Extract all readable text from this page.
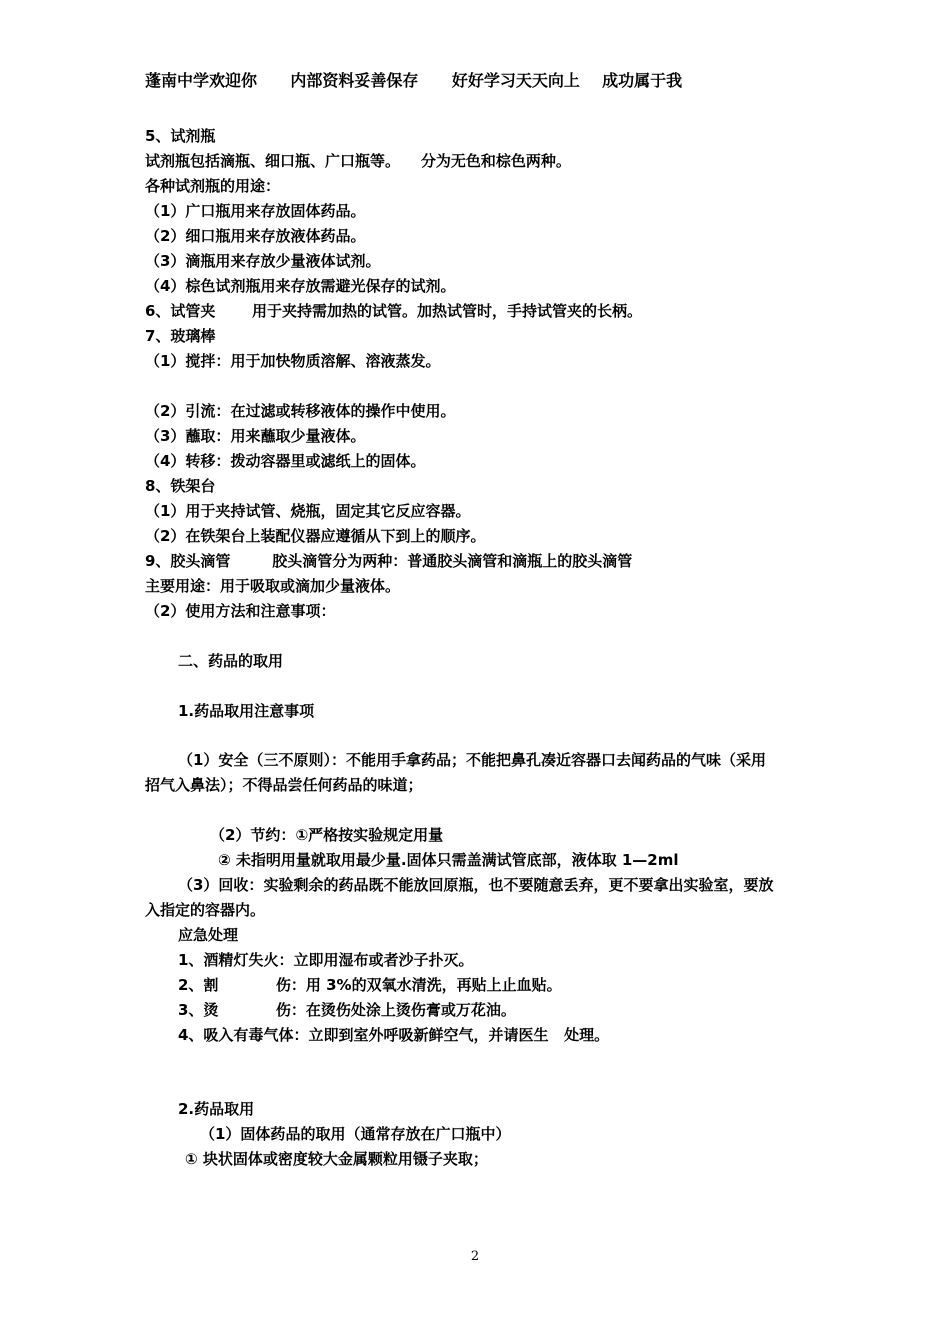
蓬南中学欢迎你      内部资料妥善保存      好好学习天天向上    成功属于我
5、试剂瓶
试剂瓶包括滴瓶、细口瓶、广口瓶等。    分为无色和棕色两种。
各种试剂瓶的用途：
（1）广口瓶用来存放固体药品。
（2）细口瓶用来存放液体药品。
（3）滴瓶用来存放少量液体试剂。
（4）棕色试剂瓶用来存放需避光保存的试剂。
6、试管夹       用于夹持需加热的试管。加热试管时，手持试管夹的长柄。
7、玻璃棒
（1）搅拌：用于加快物质溶解、溶液蒸发。
（2）引流：在过滤或转移液体的操作中使用。
（3）蘸取：用来蘸取少量液体。
（4）转移：拨动容器里或滤纸上的固体。
8、铁架台
（1）用于夹持试管、烧瓶，固定其它反应容器。
（2）在铁架台上装配仪器应遵循从下到上的顺序。
9、胶头滴管        胶头滴管分为两种：普通胶头滴管和滴瓶上的胶头滴管
主要用途：用于吸取或滴加少量液体。
（2）使用方法和注意事项：
二、药品的取用
1.药品取用注意事项
（1）安全（三不原则）：不能用手拿药品；不能把鼻孔凑近容器口去闻药品的气味（采用
招气入鼻法）；不得品尝任何药品的味道；
（2）节约：①严格按实验规定用量
② 未指明用量就取用最少量.固体只需盖满试管底部，液体取 1—2ml
（3）回收：实验剩余的药品既不能放回原瓶，也不要随意丢弃，更不要拿出实验室，要放
入指定的容器内。
应急处理
1、酒精灯失火：立即用湿布或者沙子扑灭。
2、割           伤：用 3%的双氧水清洗，再贴上止血贴。
3、烫           伤：在烫伤处涂上烫伤膏或万花油。
4、吸入有毒气体：立即到室外呼吸新鲜空气，并请医生   处理。
2.药品取用
（1）固体药品的取用（通常存放在广口瓶中）
① 块状固体或密度较大金属颗粒用镊子夹取；
2
